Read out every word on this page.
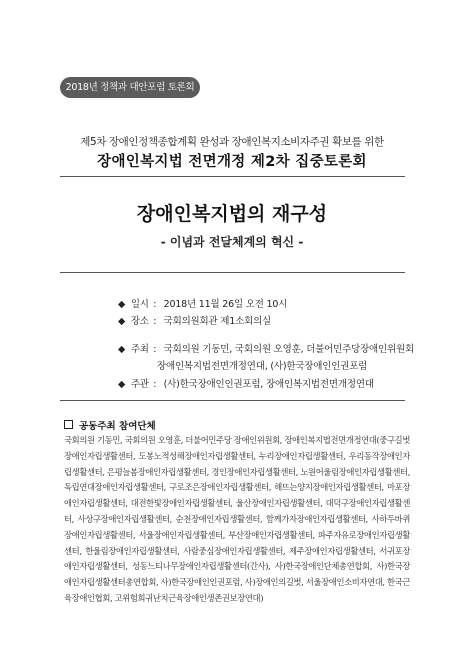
2018년 정책과 대안포럼 토론회
제5차 장애인정책종합계획 완성과 장애인복지소비자주권 확보를 위한
장애인복지법 전면개정 제2차 집중토론회
장애인복지법의 재구성
- 이념과 전달체계의 혁신 -
◆ 일시 : 2018년 11월 26일 오전 10시
◆ 장소 : 국회의원회관 제1소회의실
◆ 주최 : 국회의원 기동민, 국회의원 오영훈, 더불어민주당장애인위원회
장애인복지법전면개정연대, (사)한국장애인인권포럼
◆ 주관 : (사)한국장애인인권포럼, 장애인복지법전면개정연대
공동주최 참여단체
국회의원 기동민, 국회의원 오영훈, 더불어민주당 장애인위원회, 장애인복지법전면개정연대(중구길벗장애인자립생활센터, 도봉노적성해장애인자립생활센터, 누리장애인자립생활센터, 우리동작장애인자립생활센터, 은평늘봄장애인자립생활센터, 경인장애인자립생활센터, 노원어울림장애인자립생활센터, 독립연대장애인자립생활센터, 구로조은장애인자립생활센터, 해뜨는양지장애인자립생활센터, 마포장애인자립생활센터, 대전한빛장애인자립생활센터, 울산장애인자립생활센터, 대덕구장애인자립생활센터, 사상구장애인자립생활센터, 순천장애인자립생활센터, 함께가자장애인자립생활센터, 사하두바퀴장애인자립생활센터, 서울장애인자립생활센터, 부산장애인자립생활센터, 파주자유로장애인자립생활센터, 한울림장애인자립생활센터, 사람중심장애인자립생활센터, 제주장애인자립생활센터, 서귀포장애인자립생활센터, 성동느티나무장애인자립생활센터(간사), 사)한국장애인단체총연합회, 사)한국장애인자립생활센터총연합회, 사)한국장애인인권포럼, 사)장애인의길벗, 서울장애인소비자연대, 한국근육장애인협회, 고위험희귀난치근육장애인생존권보장연대)
